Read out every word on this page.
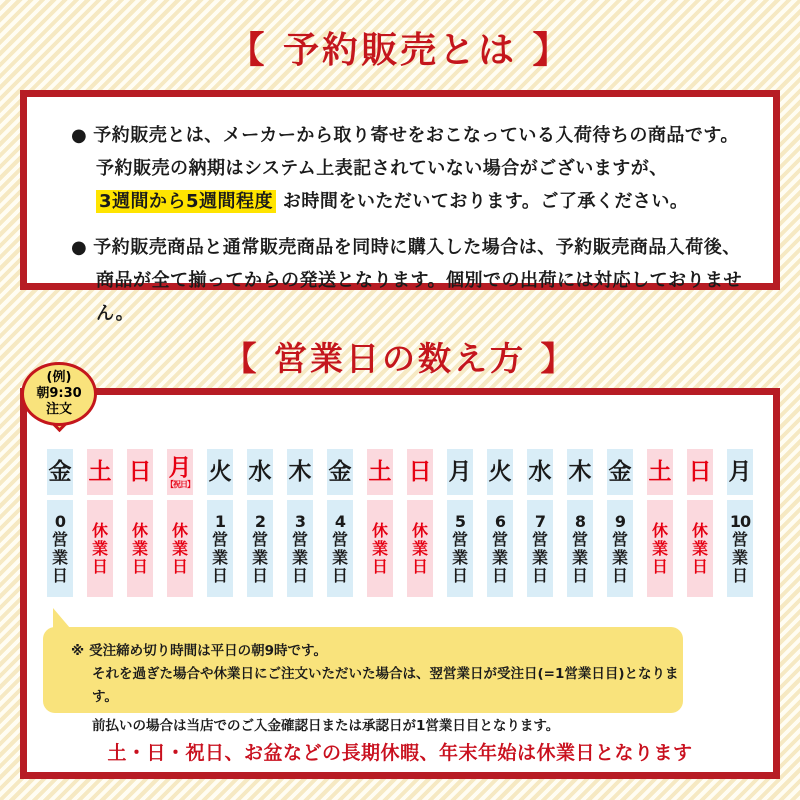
【 予約販売とは 】
● 予約販売とは、メーカーから取り寄せをおこなっている入荷待ちの商品です。
予約販売の納期はシステム上表記されていない場合がございますが、
3週間から5週間程度 お時間をいただいております。ご了承ください。
● 予約販売商品と通常販売商品を同時に購入した場合は、予約販売商品入荷後、
商品が全て揃ってからの発送となります。個別での出荷には対応しておりません。
【 営業日の数え方 】
(例)
朝9:30
注文
金
0
営
業
日
土
休
業
日
日
休
業
日
月
【祝日】
休
業
日
火
1
営
業
日
水
2
営
業
日
木
3
営
業
日
金
4
営
業
日
土
休
業
日
日
休
業
日
月
5
営
業
日
火
6
営
業
日
水
7
営
業
日
木
8
営
業
日
金
9
営
業
日
土
休
業
日
日
休
業
日
月
10
営
業
日
※ 受注締め切り時間は平日の朝9時です。
それを過ぎた場合や休業日にご注文いただいた場合は、翌営業日が受注日(=1営業日目)となります。
前払いの場合は当店でのご入金確認日または承認日が1営業日目となります。
土・日・祝日、お盆などの長期休暇、年末年始は休業日となります
